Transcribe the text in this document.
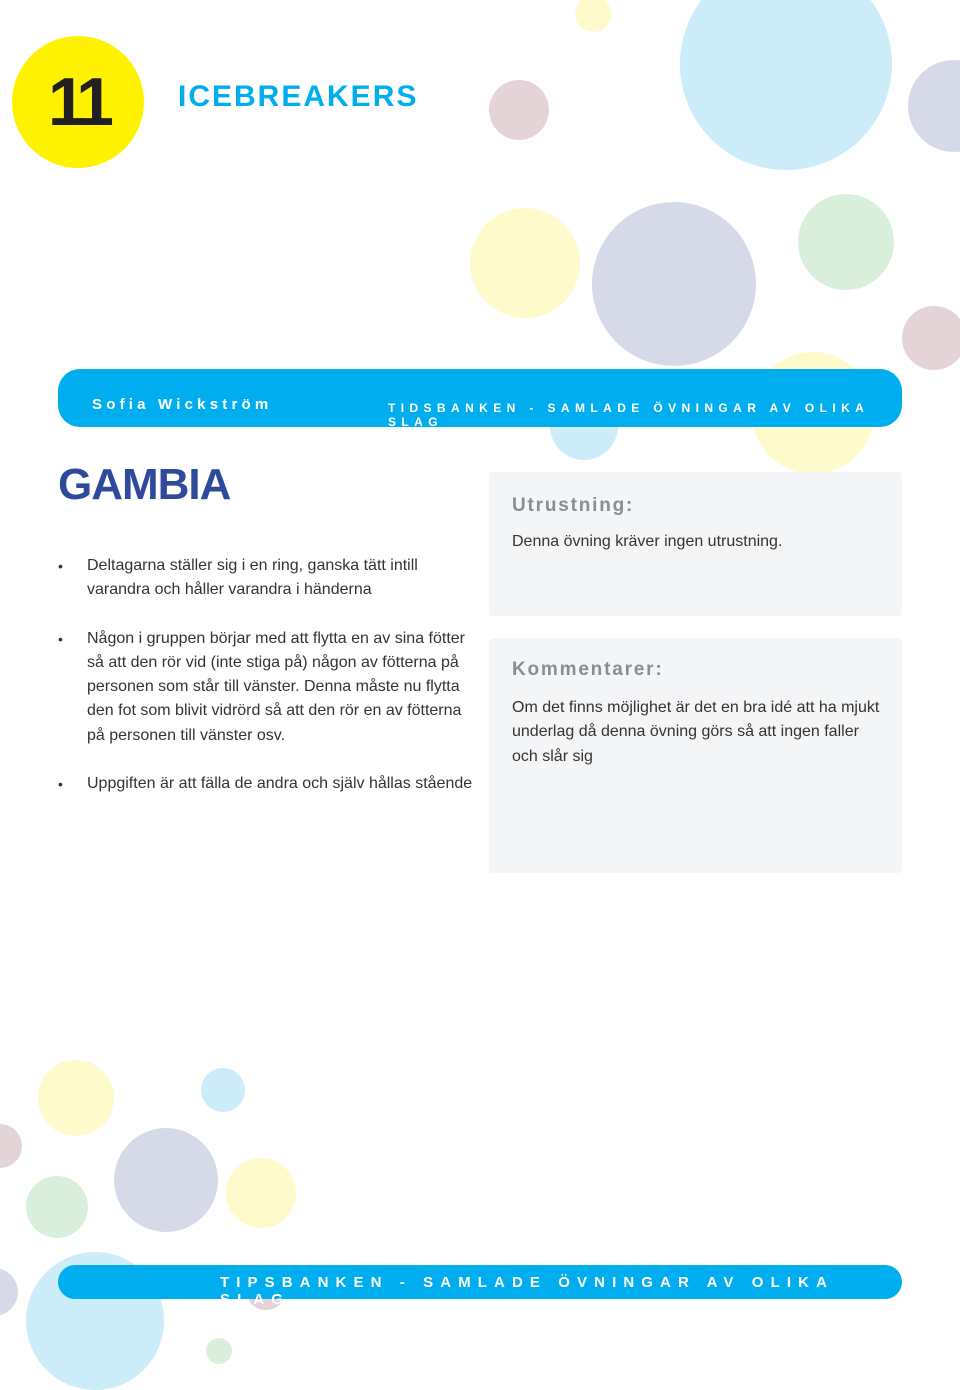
11 ICEBREAKERS
Sofia Wickström	TIDSBANKEN - SAMLADE ÖVNINGAR AV OLIKA SLAG
GAMBIA
• Deltagarna ställer sig i en ring, ganska tätt intill varandra och håller varandra i händerna
• Någon i gruppen börjar med att flytta en av sina fötter så att den rör vid (inte stiga på) någon av fötterna på personen som står till vänster. Denna måste nu flytta den fot som blivit vidrörd så att den rör en av fötterna på personen till vänster osv.
• Uppgiften är att fälla de andra och själv hållas stående
Utrustning:
Denna övning kräver ingen utrustning.
Kommentarer:
Om det finns möjlighet är det en bra idé att ha mjukt underlag då denna övning görs så att ingen faller och slår sig
TIPSBANKEN - SAMLADE ÖVNINGAR AV OLIKA SLAG
